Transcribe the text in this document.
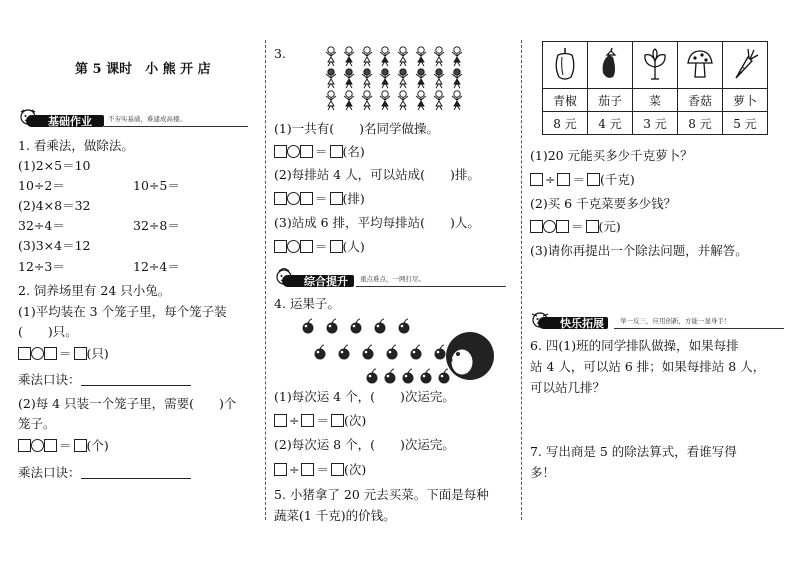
第 5 课时　小 熊 开 店
基础作业 不夯实基础，难建成高楼。
1. 看乘法，做除法。
(1)2×5＝10
10÷2＝	10÷5＝
(2)4×8＝32
32÷4＝	32÷8＝
(3)3×4＝12
12÷3＝	12÷4＝
2. 饲养场里有 24 只小兔。
(1)平均装在 3 个笼子里，每个笼子装
(　　)只。
＝ (只)
乘法口诀：
(2)每 4 只装一个笼子里，需要(　　)个
笼子。
＝ (个)
乘法口诀：
3.
(1)一共有(　　)名同学做操。
＝ (名)
(2)每排站 4 人，可以站成(　　)排。
＝ (排)
(3)站成 6 排，平均每排站(　　)人。
＝ (人)
综合提升 重点难点，一网打尽。
4. 运果子。
(1)每次运 4 个，(　　)次运完。
÷ ＝ (次)
(2)每次运 8 个，(　　)次运完。
÷ ＝ (次)
5. 小猪拿了 20 元去买菜。下面是每种
蔬菜(1 千克)的价钱。

青椒	茄子	菜	香菇	萝卜
8 元	4 元	3 元	8 元	5 元
(1)20 元能买多少千克萝卜？
÷ ＝ (千克)
(2)买 6 千克菜要多少钱？
＝ (元)
(3)请你再提出一个除法问题，并解答。
快乐拓展 举一反三，应用创新，方能一显身手！
6. 四(1)班的同学排队做操，如果每排
站 4 人，可以站 6 排；如果每排站 8 人，
可以站几排？
7. 写出商是 5 的除法算式，看谁写得
多！
